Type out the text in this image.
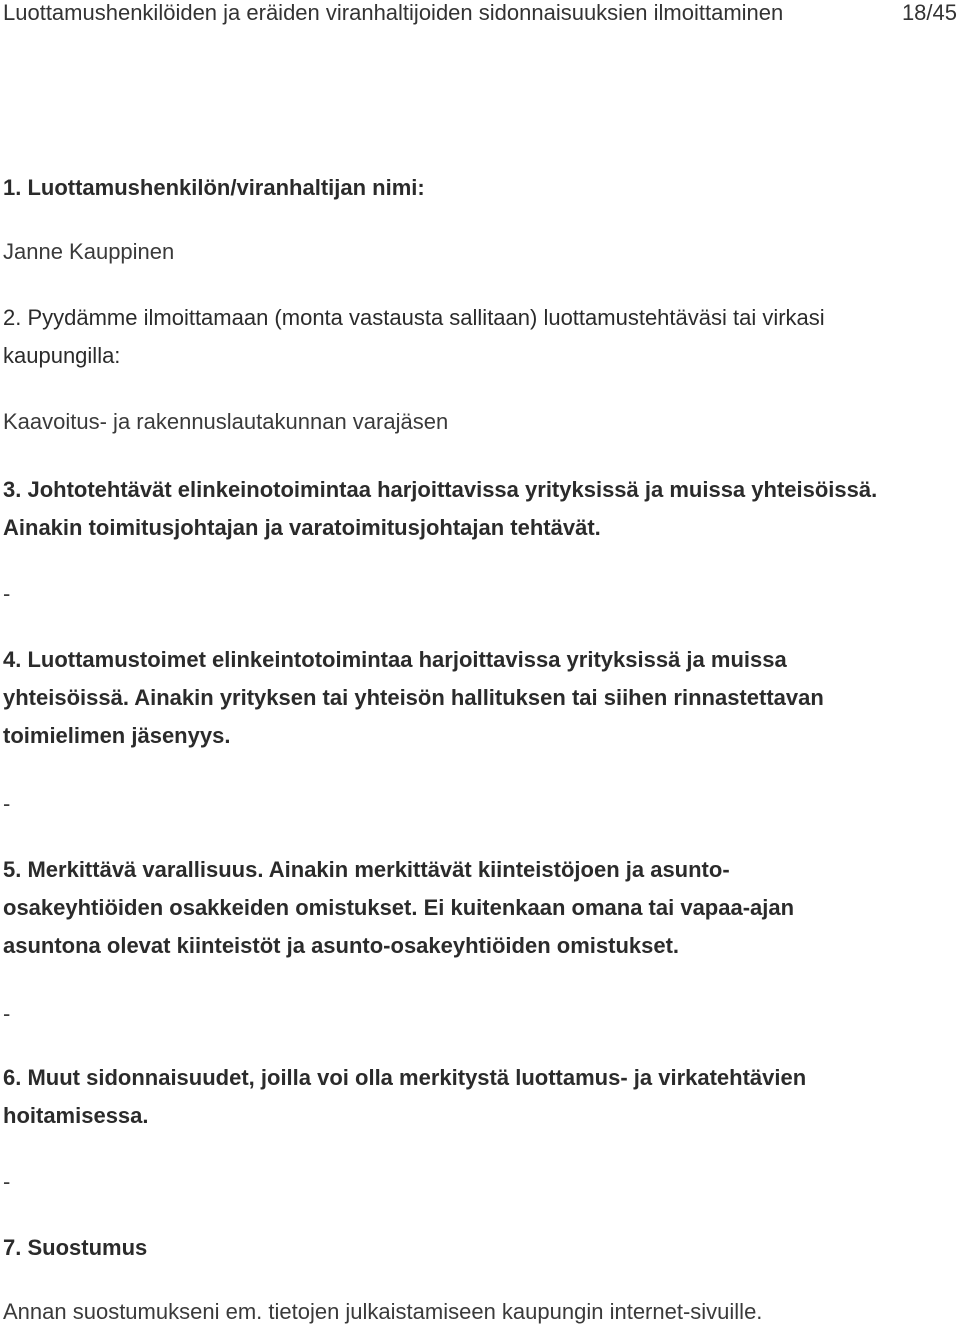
Luottamushenkilöiden ja eräiden viranhaltijoiden sidonnaisuuksien ilmoittaminen	18/45

1. Luottamushenkilön/viranhaltijan nimi:

Janne Kauppinen

2. Pyydämme ilmoittamaan (monta vastausta sallitaan) luottamustehtäväsi tai virkasi kaupungilla:

Kaavoitus- ja rakennuslautakunnan varajäsen

3. Johtotehtävät elinkeinotoimintaa harjoittavissa yrityksissä ja muissa yhteisöissä. Ainakin toimitusjohtajan ja varatoimitusjohtajan tehtävät.

-

4. Luottamustoimet elinkeintotoimintaa harjoittavissa yrityksissä ja muissa yhteisöissä. Ainakin yrityksen tai yhteisön hallituksen tai siihen rinnastettavan toimielimen jäsenyys.

-

5. Merkittävä varallisuus. Ainakin merkittävät kiinteistöjoen ja asunto-osakeyhtiöiden osakkeiden omistukset. Ei kuitenkaan omana tai vapaa-ajan asuntona olevat kiinteistöt ja asunto-osakeyhtiöiden omistukset.

-

6. Muut sidonnaisuudet, joilla voi olla merkitystä luottamus- ja virkatehtävien hoitamisessa.

-

7. Suostumus

Annan suostumukseni em. tietojen julkaistamiseen kaupungin internet-sivuille.
